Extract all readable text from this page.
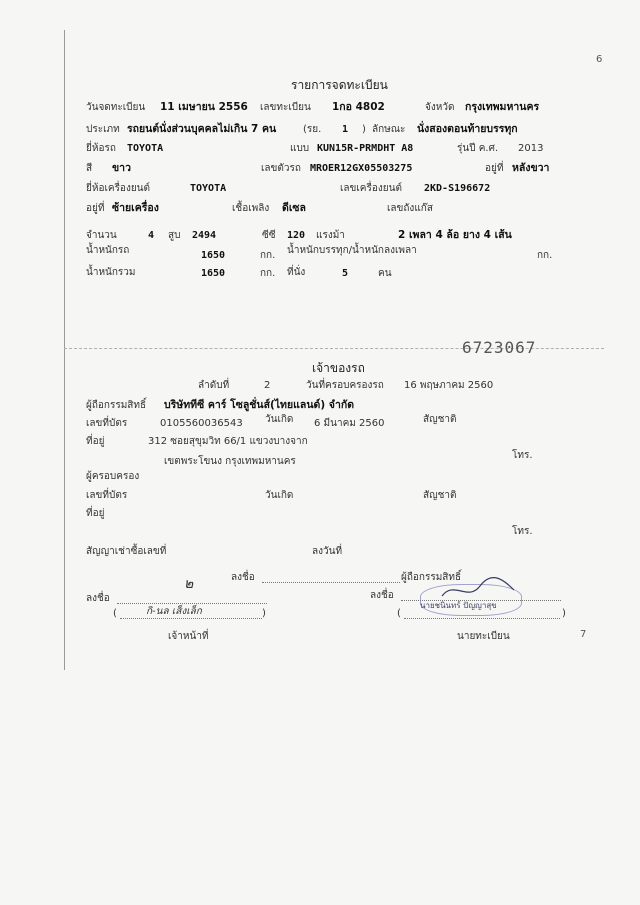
6
6723067
รายการจดทะเบียน
วันจดทะเบียน 11 เมษายน 2556 เลขทะเบียน 1กอ 4802	จังหวัด กรุงเทพมหานคร
ประเภท รถยนต์นั่งส่วนบุคคลไม่เกิน 7 คน	(รย. 1 ) ลักษณะ นั่งสองตอนท้ายบรรทุก
ยี่ห้อรถ TOYOTA	แบบ KUN15R-PRMDHT A8	รุ่นปี ค.ศ. 2013
สี ขาว	เลขตัวรถ MROER12GX05503275	อยู่ที่ หลังขวา
ยี่ห้อเครื่องยนต์	TOYOTA	เลขเครื่องยนต์ 2KD-S196672
อยู่ที่ ซ้ายเครื่อง	เชื้อเพลิง ดีเซล	เลขถังแก๊ส
จำนวน	4 สูบ 2494	ซีซี 120 แรงม้า	2 เพลา 4 ล้อ ยาง 4 เส้น
น้ำหนักรถ	1650	กก. น้ำหนักบรรทุก/น้ำหนักลงเพลา	กก.
น้ำหนักรวม	1650	กก. ที่นั่ง	5	คน
เจ้าของรถ
ลำดับที่	2	วันที่ครอบครองรถ 16 พฤษภาคม 2560
ผู้ถือกรรมสิทธิ์ บริษัททีซี คาร์ โซลูชั่นส์(ไทยแลนด์) จำกัด
เลขที่บัตร	0105560036543 วันเกิด 6 มีนาคม 2560	สัญชาติ
ที่อยู่	312 ซอยสุขุมวิท 66/1 แขวงบางจาก
โทร.
เขตพระโขนง กรุงเทพมหานคร
ผู้ครอบครอง
เลขที่บัตร	วันเกิด	สัญชาติ
ที่อยู่
โทร.
สัญญาเช่าซื้อเลขที่	ลงวันที่
ลงชื่อ	ผู้ถือกรรมสิทธิ์
ลงชื่อ
๒
(	กิ-นล เส็งเล็ก	)
ลงชื่อ
(
นายชนินทร์ ปัญญาสุข
)
เจ้าหน้าที่	นายทะเบียน	7
